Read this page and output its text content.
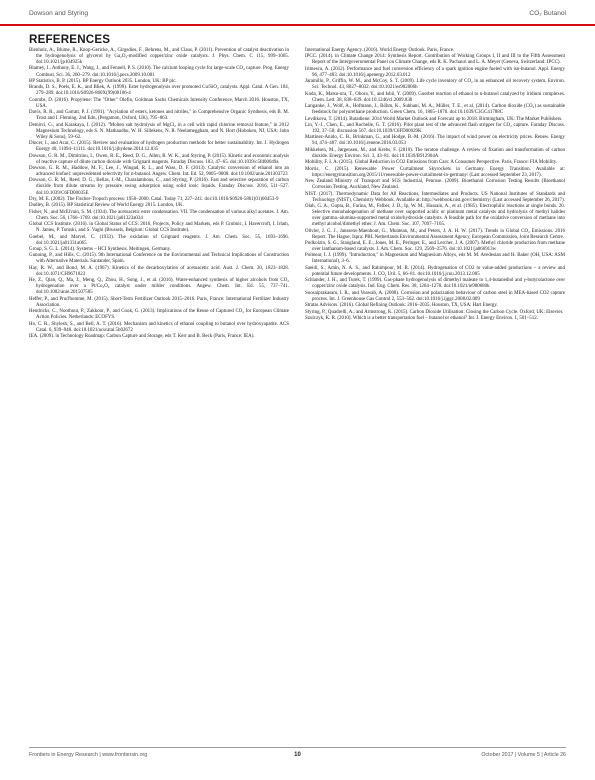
Dowson and Styring	CO₂ Butanol
REFERENCES

Bienholz, A., Blume, R., Knop-Gericke, A., Girgsdies, F., Behrens, M., and Claus, P. (2011). Prevention of catalyst deactivation in the hydrogenolysis of glycerol by Ga₂O₃-modified copper/zinc oxide catalysts. J. Phys. Chem. C 115, 999–1005. doi:10.1021/jp104925k

Blamey, J., Anthony, E. J., Wang, J., and Fennell, P. S. (2010). The calcium looping cycle for large-scale CO₂ capture. Prog. Energy Combust. Sci. 36, 260–279. doi:10.1016/j.pecs.2009.10.001

BP Statistics, B. P. (2015). BP Energy Outlook 2035. London, UK: BP plc.

Brands, D. S., Poels, E. K., and Bliek, A. (1999). Ester hydrogenolysis over promoted Cu/SiO₂ catalysts. Appl. Catal. A Gen. 184, 279–289. doi:10.1016/S0926-860X(99)00106-4

Coombs, D. (2016). Propylene: The "Other" Olefin, Goldman Sachs Chemicals Intensity Conference, March 2016. Houston, TX, USA.

Davis, R. R., and Garratt, P. J. (1991). "Acylation of esters, ketones and nitriles," in Comprehensive Organic Synthesis, eds B. M. Trost and I. Fleming. 2nd Edn, (Pergamon, Oxford, UK), 795–863.

Demirci, G., and Karakaya, I. (2012). "Molten salt hydrolysis of MgCl₂ in a cell with rapid chlorine removal feature," in 2012 Magnesium Technology, eds S. N. Mathaudhu, W. H. Sillekens, N. R. Neelameggham, and N. Hort (Hoboken, NJ, USA: John Wiley & Sons), 59–62.

Dincer, I., and Acar, C. (2015). Review and evaluation of hydrogen production methods for better sustainability. Int. J. Hydrogen Energy 40, 11094–11111. doi:10.1016/j.ijhydene.2014.12.035

Dowson, G. R. M., Dimitriou, I., Owen, R. E., Reed, D. G., Allen, R. W. K., and Styring, P. (2015). Kinetic and economic analysis of reactive capture of dilute carbon dioxide with Grignard reagents. Faraday Discuss. 183, 47–65. doi:10.1039/c5fd00049a

Dowson, G. R. M., Haddow, M. F., Lee, J., Wingad, R. L., and Wass, D. F. (2013). Catalytic conversion of ethanol into an advanced biofuel: unprecedented selectivity for n-butanol. Angew. Chem. Int. Ed. 52, 9005–9008. doi:10.1002/anie.201303723

Dowson, G. R. M., Reed, D. G., Bellas, J.-M., Charalambous, C., and Styring, P. (2016). Fast and selective separation of carbon dioxide from dilute streams by pressure swing adsorption using solid ionic liquids. Faraday Discuss. 2016, 511–527. doi:10.1039/C6FD00035E

Dry, M. E. (2002). The Fischer-Tropsch process: 1950–2000. Catal. Today 71, 227–241. doi:10.1016/S0920-5861(01)00453-9

Dudley, B. (2015). BP Statistical Review of World Energy 2015. London, UK.

Fisher, N., and McElvain, S. M. (1934). The acetoacetic ester condensation. VII. The condensation of various alkyl acetates. J. Am. Chem. Soc. 56, 1766–1769. doi:10.1021/ja01323a034

Global CCS Institute. (2016). in Global Status of CCS: 2016, Projects, Policy and Markets, eds P. Grubnic, I. Havercroft, I. Irlam, N. James, P. Tomski, and S. Vaghi (Brussels, Belgium: Global CCS Institute).

Goebel, M., and Marvel, C. (1933). The oxidation of Grignard reagents. J. Am. Chem. Soc. 55, 1693–1696. doi:10.1021/ja01331a065

Group, S. G. L. (2014). Systems – HCI Synthesis. Meitingen, Germany.

Gunning, P., and Hills, C. (2015). 9th International Conference on the Environmental and Technical Implications of Construction with Alternative Materials. Santander, Spain.

Hay, R. W., and Bond, M. A. (1967). Kinetics of the decarboxylation of acetoacetic acid. Aust. J. Chem. 20, 1823–1828. doi:10.1071/CH9671823

He, Z., Qian, Q., Ma, J., Meng, Q., Zhou, H., Song, J., et al. (2016). Water-enhanced synthesis of higher alcohols from CO₂ hydrogenation over a Pt/Co₃O₄ catalyst under milder conditions. Angew. Chem. Int. Ed. 55, 737–741. doi:10.1002/anie.201507585

Heffer, P., and Prud'homme, M. (2015). Short-Term Fertilizer Outlook 2015–2016. Paris, France: International Fertilizer Industry Association.

Hendricks, C., Noothout, P., Zakkour, P., and Cook, G. (2013). Implications of the Reuse of Captured CO₂ for European Climate Action Policies. Netherlands: ECOFYS.

Ho, C. R., Shylesh, S., and Bell, A. T. (2016). Mechanism and kinetics of ethanol coupling to butanol over hydroxyapatite. ACS Catal. 6, 939–948. doi:10.1021/acscatal.5b02672

IEA. (2009). in Technology Roadmap: Carbon Capture and Storage, eds T. Kerr and B. Beck (Paris, France: IEA).

International Energy Agency. (2016). World Energy Outlook. Paris, France.

IPCC. (2014). in Climate Change 2014: Synthesis Report. Contribution of Working Groups I, II and III to the Fifth Assessment Report of the Intergovernmental Panel on Climate Change, eds R. K. Pachauri and L. A. Meyer (Geneva, Switzerland: IPCC).

Irimescu, A. (2012). Performance and fuel conversion efficiency of a spark ignition engine fueled with iso-butanol. Appl. Energy 96, 477–483. doi:10.1016/j.apenergy.2012.03.012

Jaramillo, P., Griffin, W. M., and McCoy, S. T. (2009). Life cycle inventory of CO₂ in an enhanced oil recovery system. Environ. Sci. Technol. 43, 8027–8032. doi:10.1021/es902006h

Koda, K., Matsu-ura, T., Obora, Y., and Ishii, Y. (2009). Guerbet reaction of ethanol to n-butanol catalyzed by iridium complexes. Chem. Lett. 38, 838–839. doi:10.1246/cl.2009.838

Langanke, J., Wolf, A., Hofmann, J., Böhm, K., Subhani, M. A., Müller, T. E., et al. (2014). Carbon dioxide (CO₂) as sustainable feedstock for polyurethane production. Green Chem. 16, 1865–1870. doi:10.1039/C3GC41788C

Levdikova, T. (2014). Butadiene: 2014 World Market Outlook and Forecast up to 2018. Birmingham, UK: The Market Publishers.

Lin, Y.-J., Chen, E., and Rochelle, G. T. (2016). Pilot plant test of the advanced flash stripper for CO₂ capture. Faraday Discuss. 192, 37–58; discussion 567. doi:10.1039/C6FD00029K

Martínez-Anido, C. B., Brinkman, G., and Hodge, B.-M. (2016). The impact of wind power on electricity prices. Renew. Energy 94, 474–487. doi:10.1016/j.renene.2016.03.053

Mikkelsen, M., Jørgensen, M., and Krebs, F. (2010). The teraton challenge. A review of fixation and transformation of carbon dioxide. Energy Environ. Sci. 3, 43–81. doi:10.1039/B912904A

Mobility, F. I. A. (2015). Global Reduction in CO2 Emissions from Cars: A Consumer Perspective. Paris, France: FIA Mobility.

Morris, C. (2015). Renewable Power Curtailment Skyrockets in Germany. Energy Transition. Available at: https://energytransition.org/2015/11/renewable-power-curtailment-in-germany/ (Last accessed September 23, 2017).

New Zealand Ministry of Transport and SGS Industrial, Penrose. (2009). Bioethanol Corrosion Testing Results (Bioethanol Corrosion Testing. Auckland, New Zealand.

NIST. (2017). Thermodynamic Data for All Reactions, Intermediates and Products. US National Institutes of Standards and Technology (NIST), Chemistry Webbook. Available at: http://webbook.nist.gov/chemistry/ (Last accessed September 26, 2017).

Olah, G. A., Gupta, B., Farina, M., Felber, J. D., Ip, W. M., Hussain, A., et al. (1985). Electrophilic reactions at single bonds. 20. Selective monohalogenation of methane over supported acidic or platinum metal catalysts and hydrolysis of methyl halides over gamma.-alumina-supported metal oxide/hydroxide catalysts. A feasible path for the oxidative conversion of methane into methyl alcohol/dimethyl ether. J. Am. Chem. Soc. 107, 7097–7105.

Olivier, J. G. J., Janssens-Maenhout, G., Muntean, M., and Peters, J. A. H. W. (2017). Trends in Global CO₂ Emissions. 2016 Report. The Hague, Ispra: PBL Netherlands Environmental Assessment Agency, European Commission, Joint Research Centre.

Podkolzin, S. G., Stangland, E. E., Jones, M. E., Peringer, E., and Lercher, J. A. (2007). Methyl chloride production from methane over lanthanum-based catalysts. J. Am. Chem. Soc. 129, 2569–2576. doi:10.1021/ja066913w

Polmear, I. J. (1999). "Introduction," in Magnesium and Magnesium Alloys, eds M. M. Avedesian and H. Baker (OH, USA: ASM International), 3–6.

Saeidi, S., Amin, N. A. S., and Rahimpour, M. R. (2014). Hydrogenation of CO2 to value-added productions – a review and potential future developments. J. CO₂ Util. 5, 66–81. doi:10.1016/j.jcou.2013.12.005

Schlander, J. H., and Turek, T. (1999). Gas-phase hydrogenolysis of dimethyl maleate to 1,4-butanediol and γ-butyrolactone over copper/zinc oxide catalysis. Ind. Eng. Chem. Res. 38, 1264–1270. doi:10.1021/ie980680k

Soosaiprakasam, I. R., and Veawab, A. (2008). Corrosion and polarization behaviour of carbon steel in MEA-based CO2 capture process. Int. J. Greenhouse Gas Control 2, 553–562. doi:10.1016/j.ijggc.2008.02.009

Stratas Advisors. (2016). Global Refining Outlook: 2016–2035. Houston, TX, USA: Hart Energy.

Styring, P., Quadrelli, A., and Armstrong, K. (2015). Carbon Dioxide Utilisation: Closing the Carbon Cycle. Oxford, UK: Elsevier.

Szulczyk, K. R. (2010). Which is a better transportation fuel – butanol or ethanol? Int. J. Energy Environ. 1, 501–512.

Frontiers in Energy Research | www.frontiersin.org	10	October 2017 | Volume 5 | Article 26
